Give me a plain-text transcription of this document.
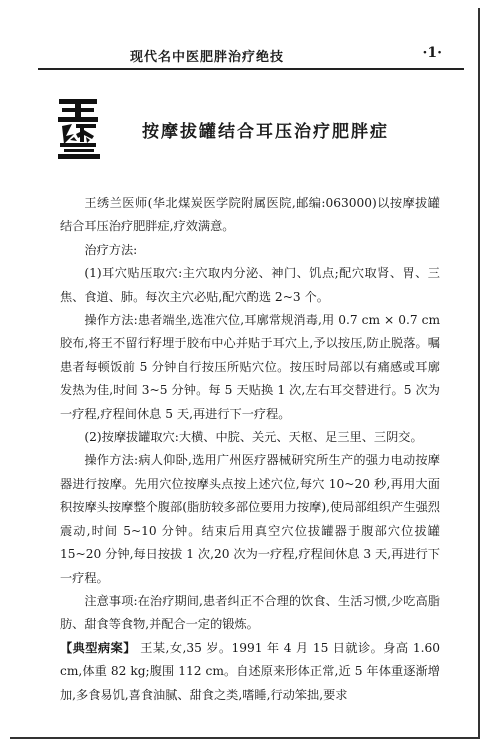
现代名中医肥胖治疗绝技	·1·
按摩拔罐结合耳压治疗肥胖症

王绣兰医师(华北煤炭医学院附属医院,邮编:063000)以按摩拔罐结合耳压治疗肥胖症,疗效满意。

治疗方法:

(1)耳穴贴压取穴:主穴取内分泌、神门、饥点;配穴取肾、胃、三焦、食道、肺。每次主穴必贴,配穴酌选 2~3 个。

操作方法:患者端坐,选准穴位,耳廓常规消毒,用 0.7 cm × 0.7 cm 胶布,将王不留行籽埋于胶布中心并贴于耳穴上,予以按压,防止脱落。嘱患者每顿饭前 5 分钟自行按压所贴穴位。按压时局部以有痛感或耳廓发热为佳,时间 3~5 分钟。每 5 天贴换 1 次,左右耳交替进行。5 次为一疗程,疗程间休息 5 天,再进行下一疗程。

(2)按摩拔罐取穴:大横、中脘、关元、天枢、足三里、三阴交。

操作方法:病人仰卧,选用广州医疗器械研究所生产的强力电动按摩器进行按摩。先用穴位按摩头点按上述穴位,每穴 10~20 秒,再用大面积按摩头按摩整个腹部(脂肪较多部位要用力按摩),使局部组织产生强烈震动,时间 5~10 分钟。结束后用真空穴位拔罐器于腹部穴位拔罐 15~20 分钟,每日按拔 1 次,20 次为一疗程,疗程间休息 3 天,再进行下一疗程。

注意事项:在治疗期间,患者纠正不合理的饮食、生活习惯,少吃高脂肪、甜食等食物,并配合一定的锻炼。

【典型病案】 王某,女,35 岁。1991 年 4 月 15 日就诊。身高 1.60 cm,体重 82 kg;腹围 112 cm。自述原来形体正常,近 5 年体重逐渐增加,多食易饥,喜食油腻、甜食之类,嗜睡,行动笨拙,要求
